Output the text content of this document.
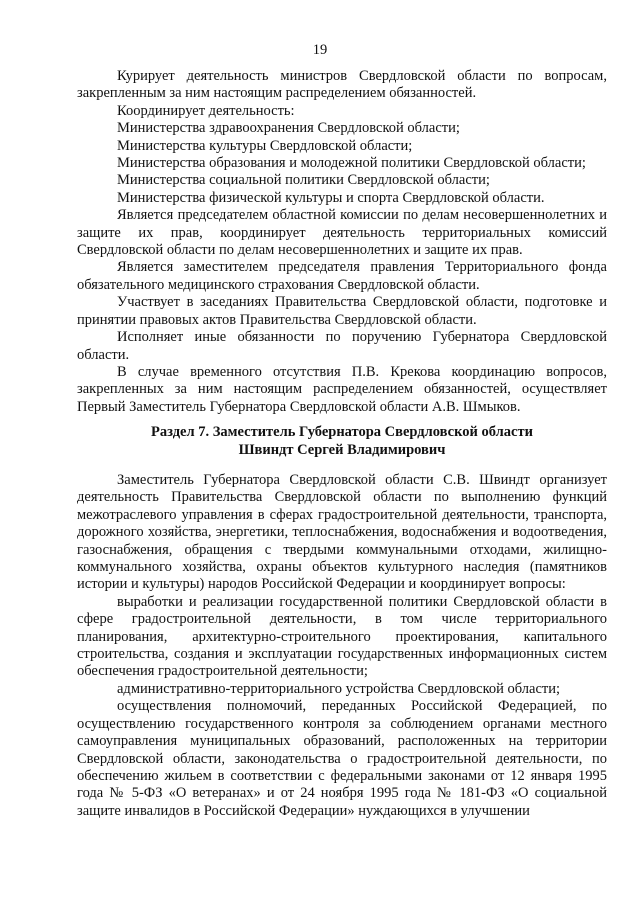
19

Курирует деятельность министров Свердловской области по вопросам, закрепленным за ним настоящим распределением обязанностей.

Координирует деятельность:

Министерства здравоохранения Свердловской области;

Министерства культуры Свердловской области;

Министерства образования и молодежной политики Свердловской области;

Министерства социальной политики Свердловской области;

Министерства физической культуры и спорта Свердловской области.

Является председателем областной комиссии по делам несовершеннолетних и защите их прав, координирует деятельность территориальных комиссий Свердловской области по делам несовершеннолетних и защите их прав.

Является заместителем председателя правления Территориального фонда обязательного медицинского страхования Свердловской области.

Участвует в заседаниях Правительства Свердловской области, подготовке и принятии правовых актов Правительства Свердловской области.

Исполняет иные обязанности по поручению Губернатора Свердловской области.

В случае временного отсутствия П.В. Крекова координацию вопросов, закрепленных за ним настоящим распределением обязанностей, осуществляет Первый Заместитель Губернатора Свердловской области А.В. Шмыков.

Раздел 7. Заместитель Губернатора Свердловской области
Швиндт Сергей Владимирович

Заместитель Губернатора Свердловской области С.В. Швиндт организует деятельность Правительства Свердловской области по выполнению функций межотраслевого управления в сферах градостроительной деятельности, транспорта, дорожного хозяйства, энергетики, теплоснабжения, водоснабжения и водоотведения, газоснабжения, обращения с твердыми коммунальными отходами, жилищно-коммунального хозяйства, охраны объектов культурного наследия (памятников истории и культуры) народов Российской Федерации и координирует вопросы:

выработки и реализации государственной политики Свердловской области в сфере градостроительной деятельности, в том числе территориального планирования, архитектурно-строительного проектирования, капитального строительства, создания и эксплуатации государственных информационных систем обеспечения градостроительной деятельности;

административно-территориального устройства Свердловской области;

осуществления полномочий, переданных Российской Федерацией, по осуществлению государственного контроля за соблюдением органами местного самоуправления муниципальных образований, расположенных на территории Свердловской области, законодательства о градостроительной деятельности, по обеспечению жильем в соответствии с федеральными законами от 12 января 1995 года № 5-ФЗ «О ветеранах» и от 24 ноября 1995 года № 181-ФЗ «О социальной защите инвалидов в Российской Федерации» нуждающихся в улучшении
